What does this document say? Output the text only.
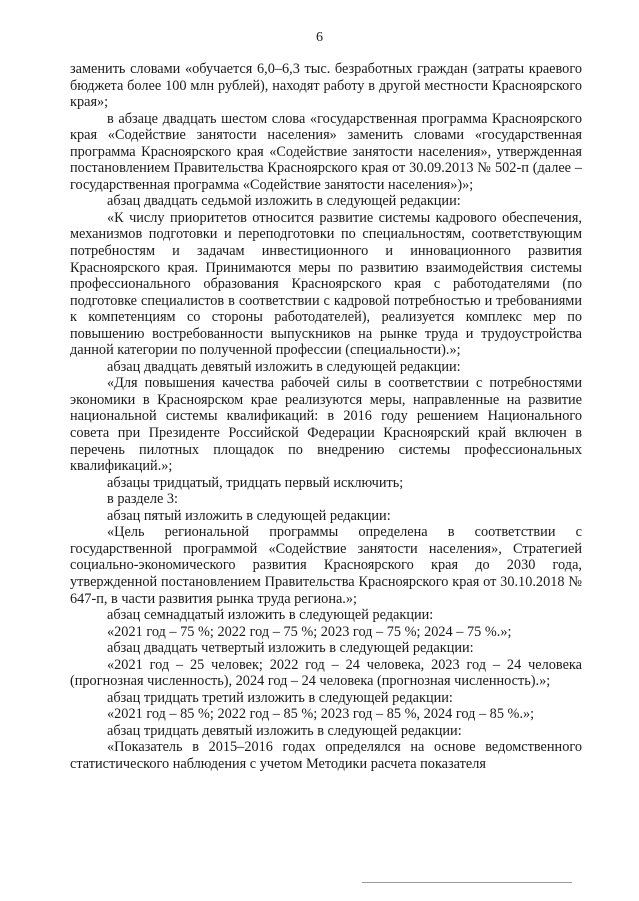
6

заменить словами «обучается 6,0–6,3 тыс. безработных граждан (затраты краевого бюджета более 100 млн рублей), находят работу в другой местности Красноярского края»;

в абзаце двадцать шестом слова «государственная программа Красноярского края «Содействие занятости населения» заменить словами «государственная программа Красноярского края «Содействие занятости населения», утвержденная постановлением Правительства Красноярского края от 30.09.2013 № 502-п (далее – государственная программа «Содействие занятости населения»)»;

абзац двадцать седьмой изложить в следующей редакции:

«К числу приоритетов относится развитие системы кадрового обеспечения, механизмов подготовки и переподготовки по специальностям, соответствующим потребностям и задачам инвестиционного и инновационного развития Красноярского края. Принимаются меры по развитию взаимодействия системы профессионального образования Красноярского края с работодателями (по подготовке специалистов в соответствии с кадровой потребностью и требованиями к компетенциям со стороны работодателей), реализуется комплекс мер по повышению востребованности выпускников на рынке труда и трудоустройства данной категории по полученной профессии (специальности).»;

абзац двадцать девятый изложить в следующей редакции:

«Для повышения качества рабочей силы в соответствии с потребностями экономики в Красноярском крае реализуются меры, направленные на развитие национальной системы квалификаций: в 2016 году решением Национального совета при Президенте Российской Федерации Красноярский край включен в перечень пилотных площадок по внедрению системы профессиональных квалификаций.»;

абзацы тридцатый, тридцать первый исключить;

в разделе 3:

абзац пятый изложить в следующей редакции:

«Цель региональной программы определена в соответствии с государственной программой «Содействие занятости населения», Стратегией социально-экономического развития Красноярского края до 2030 года, утвержденной постановлением Правительства Красноярского края от 30.10.2018 № 647-п, в части развития рынка труда региона.»;

абзац семнадцатый изложить в следующей редакции:

«2021 год – 75 %; 2022 год – 75 %; 2023 год – 75 %; 2024 – 75 %.»;

абзац двадцать четвертый изложить в следующей редакции:

«2021 год – 25 человек; 2022 год – 24 человека, 2023 год – 24 человека (прогнозная численность), 2024 год – 24 человека (прогнозная численность).»;

абзац тридцать третий изложить в следующей редакции:

«2021 год – 85 %; 2022 год – 85 %; 2023 год – 85 %, 2024 год – 85 %.»;

абзац тридцать девятый изложить в следующей редакции:

«Показатель в 2015–2016 годах определялся на основе ведомственного статистического наблюдения с учетом Методики расчета показателя
